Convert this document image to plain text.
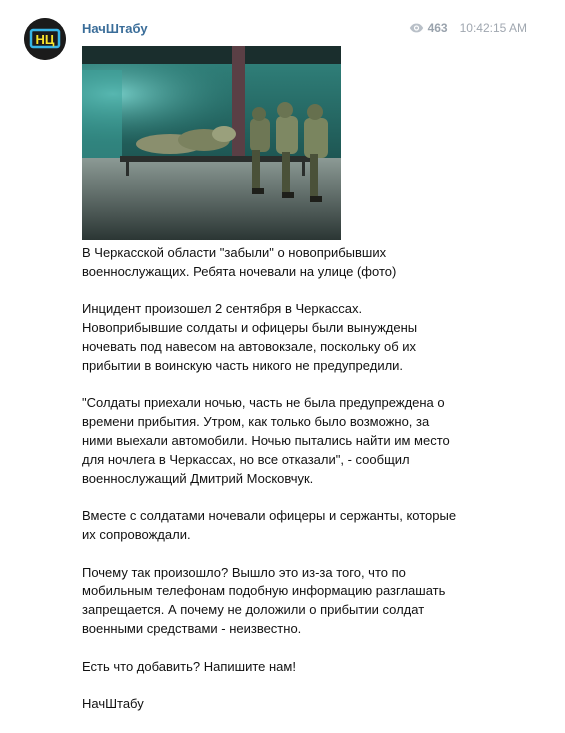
НЦ
НачШтабу	463 10:42:15 AM

В Черкасской области "забыли" о новоприбывших военнослужащих. Ребята ночевали на улице (фото)

Инцидент произошел 2 сентября в Черкассах. Новоприбывшие солдаты и офицеры были вынуждены ночевать под навесом на автовокзале, поскольку об их прибытии в воинскую часть никого не предупредили.

"Солдаты приехали ночью, часть не была предупреждена о времени прибытия. Утром, как только было возможно, за ними выехали автомобили. Ночью пытались найти им место для ночлега в Черкассах, но все отказали", - сообщил военнослужащий Дмитрий Московчук.

Вместе с солдатами ночевали офицеры и сержанты, которые их сопровождали.

Почему так произошло? Вышло это из-за того, что по мобильным телефонам подобную информацию разглашать запрещается. А почему не доложили о прибытии солдат военными средствами - неизвестно.

Есть что добавить? Напишите нам!

НачШтабу
